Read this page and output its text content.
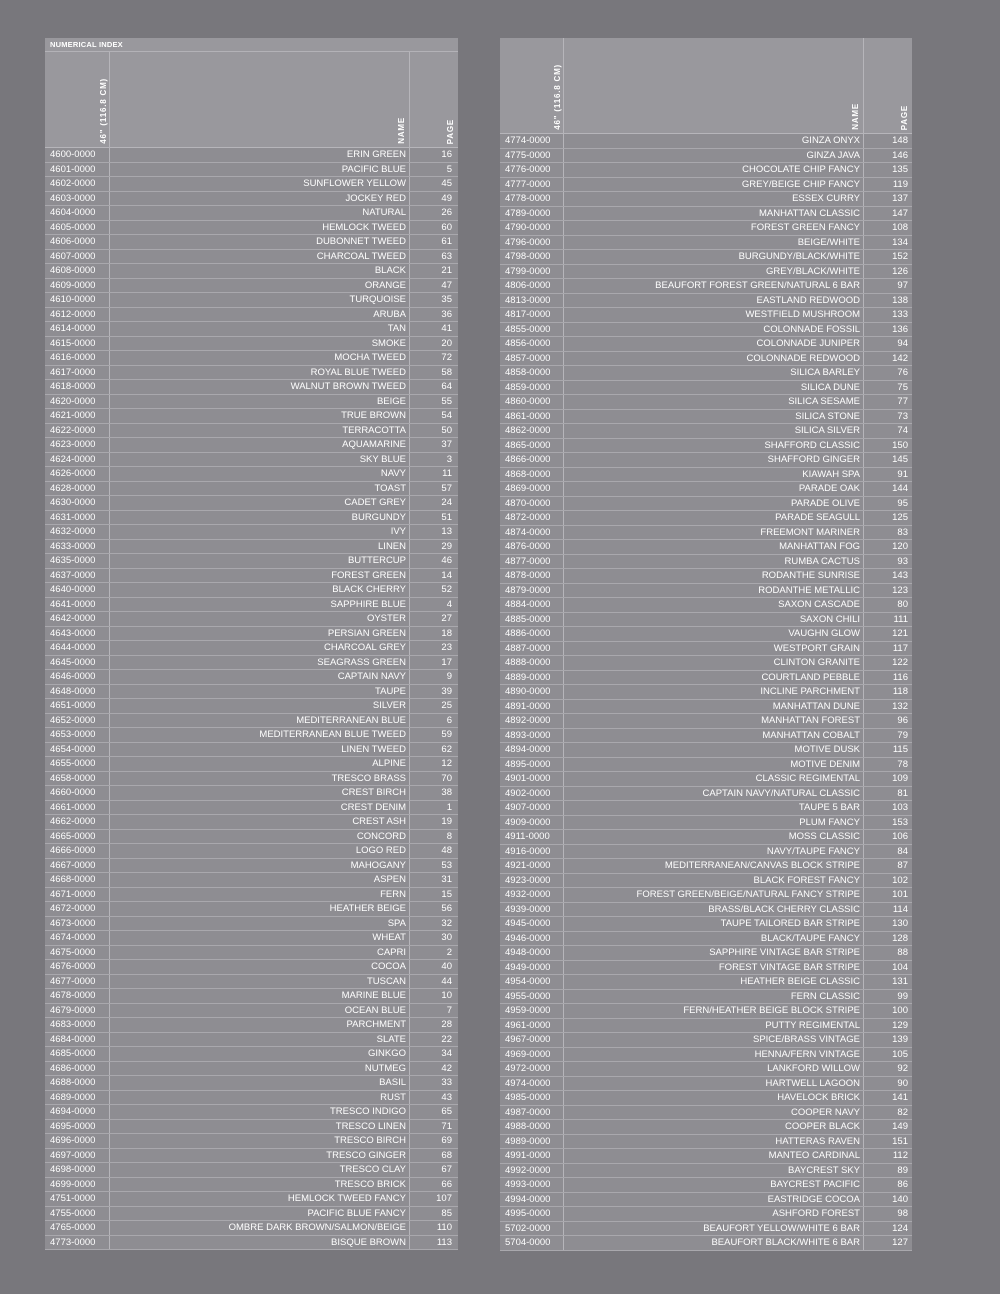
NUMERICAL INDEX
46" (116.8 CM)	NAME	PAGE
4600-0000	ERIN GREEN	16
4601-0000	PACIFIC BLUE	5
4602-0000	SUNFLOWER YELLOW	45
4603-0000	JOCKEY RED	49
4604-0000	NATURAL	26
4605-0000	HEMLOCK TWEED	60
4606-0000	DUBONNET TWEED	61
4607-0000	CHARCOAL TWEED	63
4608-0000	BLACK	21
4609-0000	ORANGE	47
4610-0000	TURQUOISE	35
4612-0000	ARUBA	36
4614-0000	TAN	41
4615-0000	SMOKE	20
4616-0000	MOCHA TWEED	72
4617-0000	ROYAL BLUE TWEED	58
4618-0000	WALNUT BROWN TWEED	64
4620-0000	BEIGE	55
4621-0000	TRUE BROWN	54
4622-0000	TERRACOTTA	50
4623-0000	AQUAMARINE	37
4624-0000	SKY BLUE	3
4626-0000	NAVY	11
4628-0000	TOAST	57
4630-0000	CADET GREY	24
4631-0000	BURGUNDY	51
4632-0000	IVY	13
4633-0000	LINEN	29
4635-0000	BUTTERCUP	46
4637-0000	FOREST GREEN	14
4640-0000	BLACK CHERRY	52
4641-0000	SAPPHIRE BLUE	4
4642-0000	OYSTER	27
4643-0000	PERSIAN GREEN	18
4644-0000	CHARCOAL GREY	23
4645-0000	SEAGRASS GREEN	17
4646-0000	CAPTAIN NAVY	9
4648-0000	TAUPE	39
4651-0000	SILVER	25
4652-0000	MEDITERRANEAN BLUE	6
4653-0000	MEDITERRANEAN BLUE TWEED	59
4654-0000	LINEN TWEED	62
4655-0000	ALPINE	12
4658-0000	TRESCO BRASS	70
4660-0000	CREST BIRCH	38
4661-0000	CREST DENIM	1
4662-0000	CREST ASH	19
4665-0000	CONCORD	8
4666-0000	LOGO RED	48
4667-0000	MAHOGANY	53
4668-0000	ASPEN	31
4671-0000	FERN	15
4672-0000	HEATHER BEIGE	56
4673-0000	SPA	32
4674-0000	WHEAT	30
4675-0000	CAPRI	2
4676-0000	COCOA	40
4677-0000	TUSCAN	44
4678-0000	MARINE BLUE	10
4679-0000	OCEAN BLUE	7
4683-0000	PARCHMENT	28
4684-0000	SLATE	22
4685-0000	GINKGO	34
4686-0000	NUTMEG	42
4688-0000	BASIL	33
4689-0000	RUST	43
4694-0000	TRESCO INDIGO	65
4695-0000	TRESCO LINEN	71
4696-0000	TRESCO BIRCH	69
4697-0000	TRESCO GINGER	68
4698-0000	TRESCO CLAY	67
4699-0000	TRESCO BRICK	66
4751-0000	HEMLOCK TWEED FANCY	107
4755-0000	PACIFIC BLUE FANCY	85
4765-0000	OMBRE DARK BROWN/SALMON/BEIGE	110
4773-0000	BISQUE BROWN	113
46" (116.8 CM)	NAME	PAGE
4774-0000	GINZA ONYX	148
4775-0000	GINZA JAVA	146
4776-0000	CHOCOLATE CHIP FANCY	135
4777-0000	GREY/BEIGE CHIP FANCY	119
4778-0000	ESSEX CURRY	137
4789-0000	MANHATTAN CLASSIC	147
4790-0000	FOREST GREEN FANCY	108
4796-0000	BEIGE/WHITE	134
4798-0000	BURGUNDY/BLACK/WHITE	152
4799-0000	GREY/BLACK/WHITE	126
4806-0000	BEAUFORT FOREST GREEN/NATURAL 6 BAR	97
4813-0000	EASTLAND REDWOOD	138
4817-0000	WESTFIELD MUSHROOM	133
4855-0000	COLONNADE FOSSIL	136
4856-0000	COLONNADE JUNIPER	94
4857-0000	COLONNADE REDWOOD	142
4858-0000	SILICA BARLEY	76
4859-0000	SILICA DUNE	75
4860-0000	SILICA SESAME	77
4861-0000	SILICA STONE	73
4862-0000	SILICA SILVER	74
4865-0000	SHAFFORD CLASSIC	150
4866-0000	SHAFFORD GINGER	145
4868-0000	KIAWAH SPA	91
4869-0000	PARADE OAK	144
4870-0000	PARADE OLIVE	95
4872-0000	PARADE SEAGULL	125
4874-0000	FREEMONT MARINER	83
4876-0000	MANHATTAN FOG	120
4877-0000	RUMBA CACTUS	93
4878-0000	RODANTHE SUNRISE	143
4879-0000	RODANTHE METALLIC	123
4884-0000	SAXON CASCADE	80
4885-0000	SAXON CHILI	111
4886-0000	VAUGHN GLOW	121
4887-0000	WESTPORT GRAIN	117
4888-0000	CLINTON GRANITE	122
4889-0000	COURTLAND PEBBLE	116
4890-0000	INCLINE PARCHMENT	118
4891-0000	MANHATTAN DUNE	132
4892-0000	MANHATTAN FOREST	96
4893-0000	MANHATTAN COBALT	79
4894-0000	MOTIVE DUSK	115
4895-0000	MOTIVE DENIM	78
4901-0000	CLASSIC REGIMENTAL	109
4902-0000	CAPTAIN NAVY/NATURAL CLASSIC	81
4907-0000	TAUPE 5 BAR	103
4909-0000	PLUM FANCY	153
4911-0000	MOSS CLASSIC	106
4916-0000	NAVY/TAUPE FANCY	84
4921-0000	MEDITERRANEAN/CANVAS BLOCK STRIPE	87
4923-0000	BLACK FOREST FANCY	102
4932-0000	FOREST GREEN/BEIGE/NATURAL FANCY STRIPE	101
4939-0000	BRASS/BLACK CHERRY CLASSIC	114
4945-0000	TAUPE TAILORED BAR STRIPE	130
4946-0000	BLACK/TAUPE FANCY	128
4948-0000	SAPPHIRE VINTAGE BAR STRIPE	88
4949-0000	FOREST VINTAGE BAR STRIPE	104
4954-0000	HEATHER BEIGE CLASSIC	131
4955-0000	FERN CLASSIC	99
4959-0000	FERN/HEATHER BEIGE BLOCK STRIPE	100
4961-0000	PUTTY REGIMENTAL	129
4967-0000	SPICE/BRASS VINTAGE	139
4969-0000	HENNA/FERN VINTAGE	105
4972-0000	LANKFORD WILLOW	92
4974-0000	HARTWELL LAGOON	90
4985-0000	HAVELOCK BRICK	141
4987-0000	COOPER NAVY	82
4988-0000	COOPER BLACK	149
4989-0000	HATTERAS RAVEN	151
4991-0000	MANTEO CARDINAL	112
4992-0000	BAYCREST SKY	89
4993-0000	BAYCREST PACIFIC	86
4994-0000	EASTRIDGE COCOA	140
4995-0000	ASHFORD FOREST	98
5702-0000	BEAUFORT YELLOW/WHITE 6 BAR	124
5704-0000	BEAUFORT BLACK/WHITE 6 BAR	127
